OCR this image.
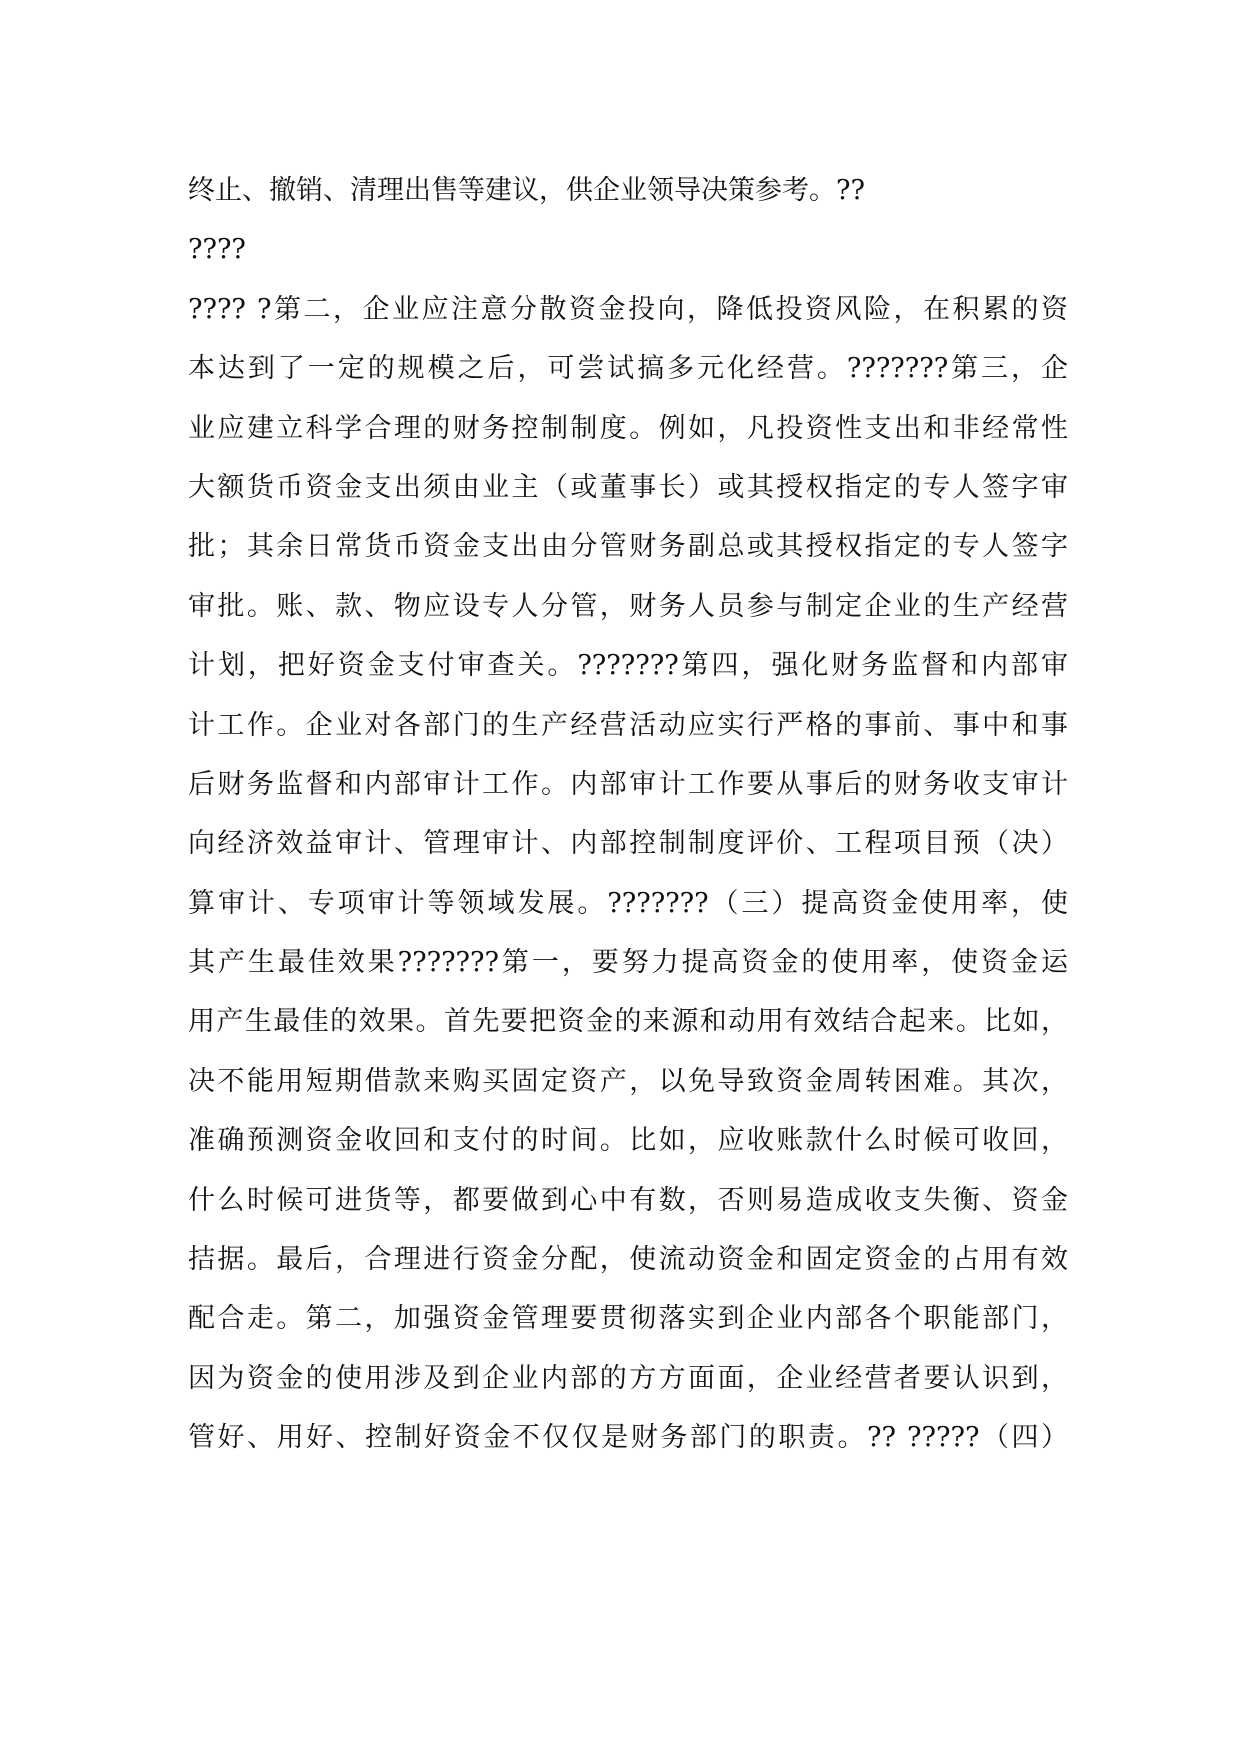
终止、撤销、清理出售等建议，供企业领导决策参考。??
????
???? ?第二，企业应注意分散资金投向，降低投资风险，在积累的资
本达到了一定的规模之后，可尝试搞多元化经营。???????第三，企
业应建立科学合理的财务控制制度。例如，凡投资性支出和非经常性
大额货币资金支出须由业主（或董事长）或其授权指定的专人签字审
批；其余日常货币资金支出由分管财务副总或其授权指定的专人签字
审批。账、款、物应设专人分管，财务人员参与制定企业的生产经营
计划，把好资金支付审查关。???????第四，强化财务监督和内部审
计工作。企业对各部门的生产经营活动应实行严格的事前、事中和事
后财务监督和内部审计工作。内部审计工作要从事后的财务收支审计
向经济效益审计、管理审计、内部控制制度评价、工程项目预（决）
算审计、专项审计等领域发展。???????（三）提高资金使用率，使
其产生最佳效果???????第一，要努力提高资金的使用率，使资金运
用产生最佳的效果。首先要把资金的来源和动用有效结合起来。比如，
决不能用短期借款来购买固定资产，以免导致资金周转困难。其次，
准确预测资金收回和支付的时间。比如，应收账款什么时候可收回，
什么时候可进货等，都要做到心中有数，否则易造成收支失衡、资金
拮据。最后，合理进行资金分配，使流动资金和固定资金的占用有效
配合走。第二，加强资金管理要贯彻落实到企业内部各个职能部门，
因为资金的使用涉及到企业内部的方方面面，企业经营者要认识到，
管好、用好、控制好资金不仅仅是财务部门的职责。?? ?????（四）
